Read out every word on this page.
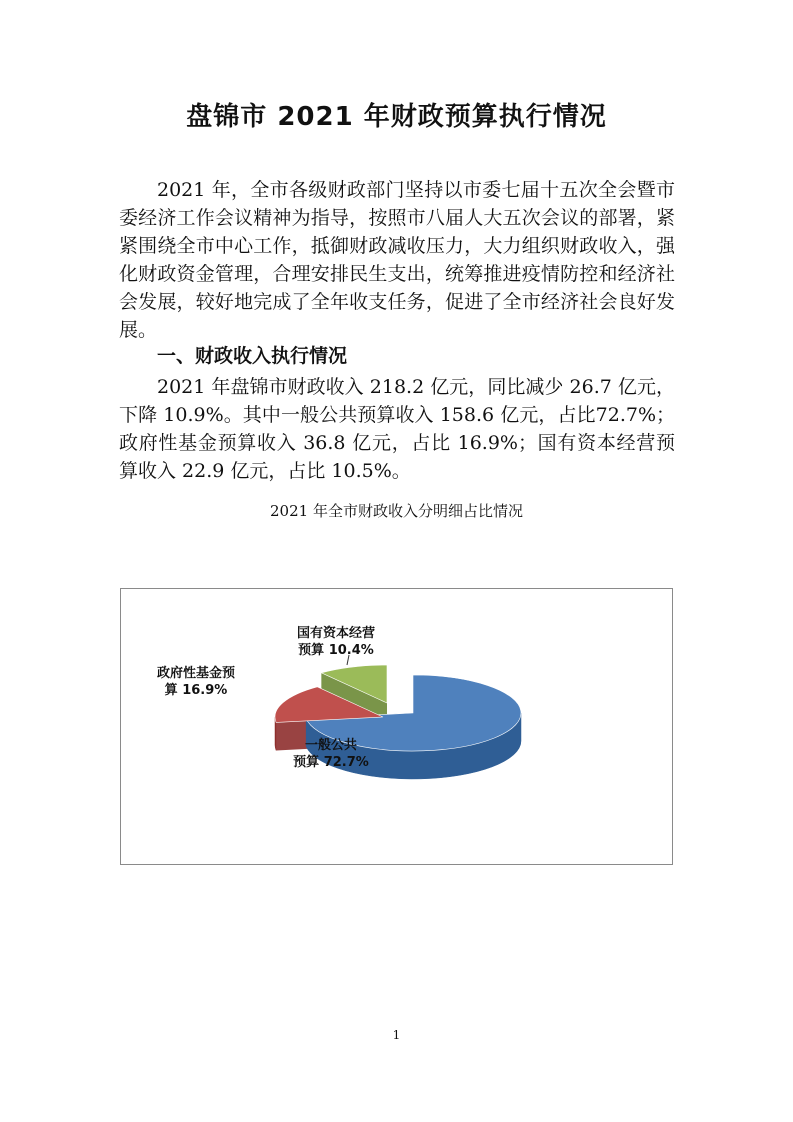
盘锦市 2021 年财政预算执行情况

2021 年，全市各级财政部门坚持以市委七届十五次全会暨市委经济工作会议精神为指导，按照市八届人大五次会议的部署，紧紧围绕全市中心工作，抵御财政减收压力，大力组织财政收入，强化财政资金管理，合理安排民生支出，统筹推进疫情防控和经济社会发展，较好地完成了全年收支任务，促进了全市经济社会良好发展。

一、财政收入执行情况

2021 年盘锦市财政收入 218.2 亿元，同比减少 26.7 亿元，下降 10.9%。其中一般公共预算收入 158.6 亿元，占比72.7%；政府性基金预算收入 36.8 亿元，占比 16.9%；国有资本经营预算收入 22.9 亿元，占比 10.5%。

2021 年全市财政收入分明细占比情况

一般公共预算 72.7%
政府性基金预算 16.9%
国有资本经营预算 10.4%
1
